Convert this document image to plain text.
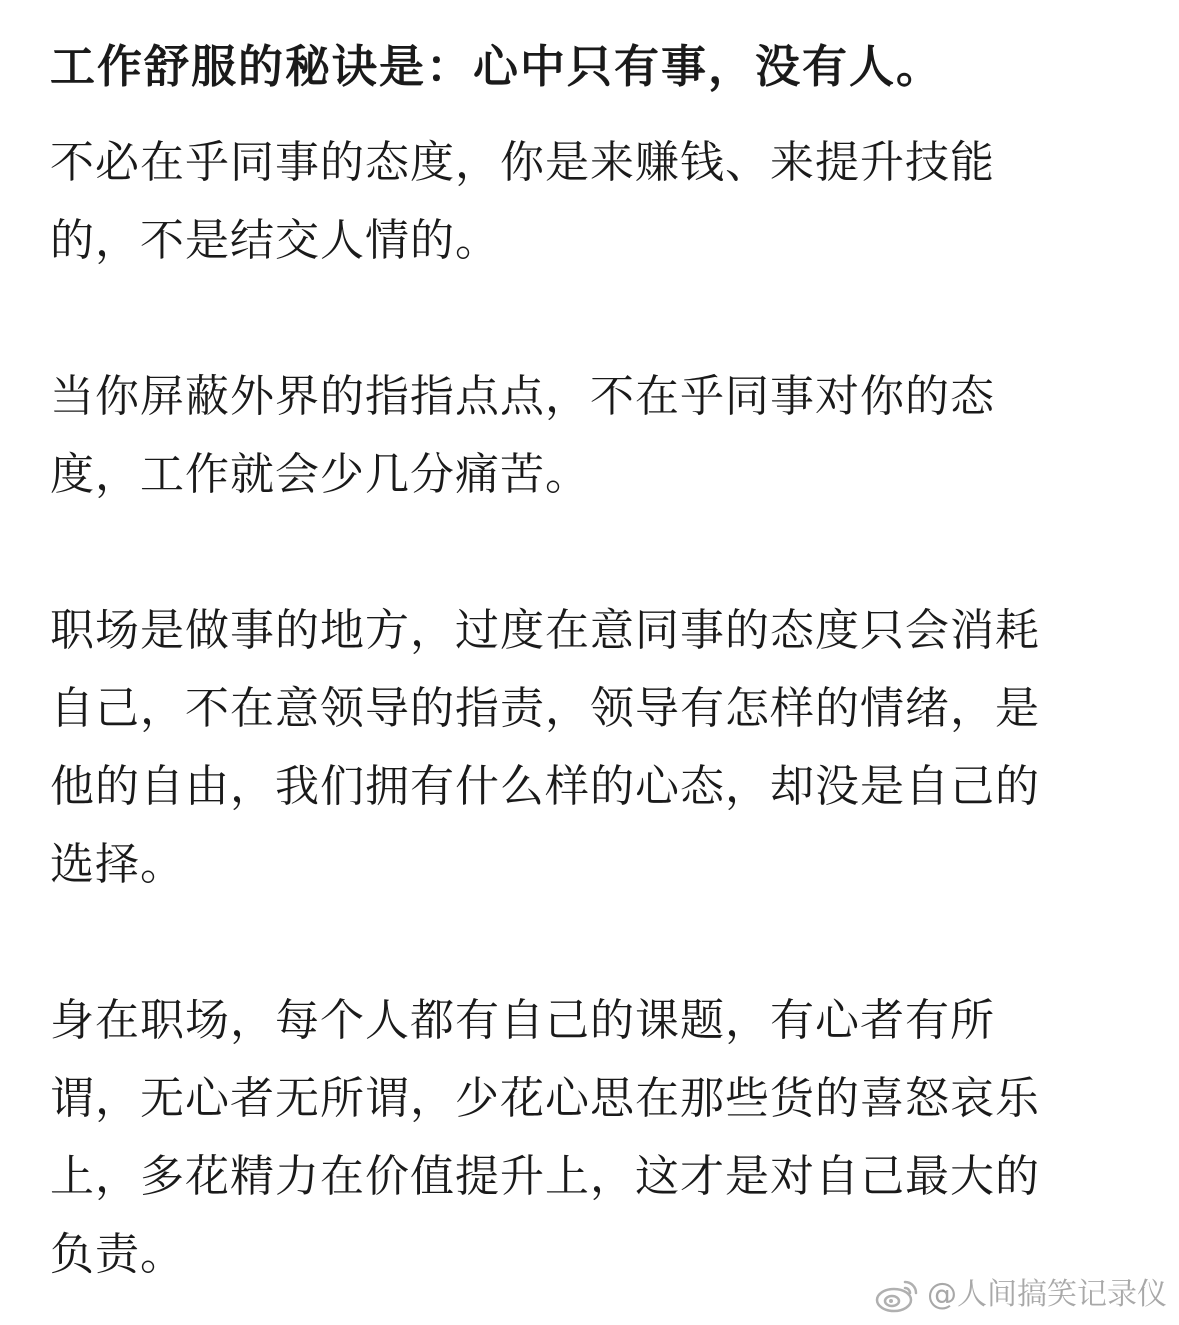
工作舒服的秘诀是：心中只有事，没有人。
不必在乎同事的态度，你是来赚钱、来提升技能
的，不是结交人情的。
当你屏蔽外界的指指点点，不在乎同事对你的态
度，工作就会少几分痛苦。
职场是做事的地方，过度在意同事的态度只会消耗
自己，不在意领导的指责，领导有怎样的情绪，是
他的自由，我们拥有什么样的心态，却没是自己的
选择。
身在职场，每个人都有自己的课题，有心者有所
谓，无心者无所谓，少花心思在那些货的喜怒哀乐
上，多花精力在价值提升上，这才是对自己最大的
负责。
@人间搞笑记录仪
